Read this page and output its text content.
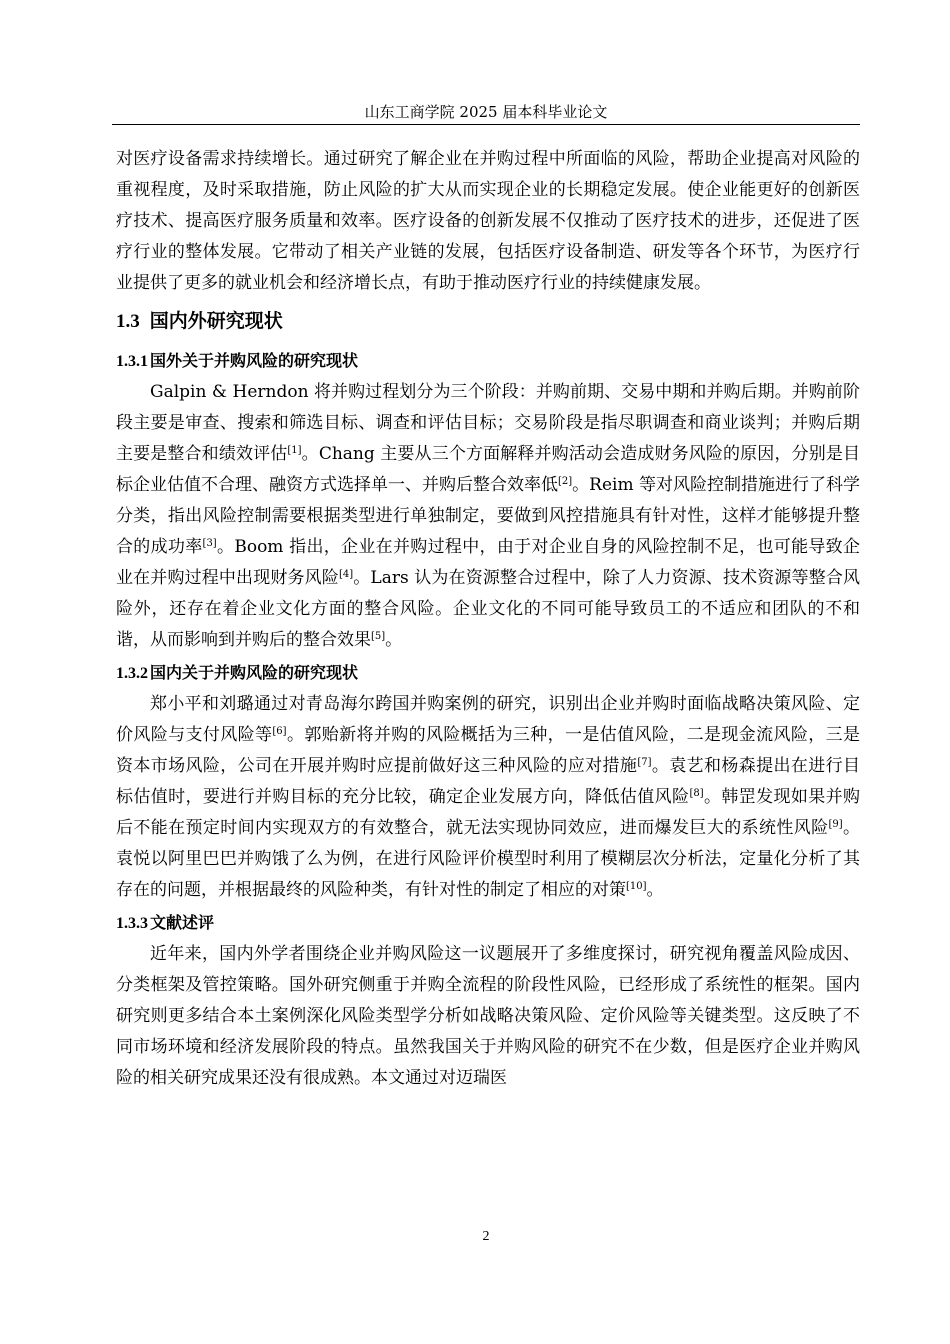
山东工商学院 2025 届本科毕业论文

对医疗设备需求持续增长。通过研究了解企业在并购过程中所面临的风险，帮助企业提高对风险的重视程度，及时采取措施，防止风险的扩大从而实现企业的长期稳定发展。使企业能更好的创新医疗技术、提高医疗服务质量和效率。医疗设备的创新发展不仅推动了医疗技术的进步，还促进了医疗行业的整体发展。它带动了相关产业链的发展，包括医疗设备制造、研发等各个环节，为医疗行业提供了更多的就业机会和经济增长点，有助于推动医疗行业的持续健康发展。

1.3 国内外研究现状
1.3.1 国外关于并购风险的研究现状

Galpin & Herndon 将并购过程划分为三个阶段：并购前期、交易中期和并购后期。并购前阶段主要是审查、搜索和筛选目标、调查和评估目标；交易阶段是指尽职调查和商业谈判；并购后期主要是整合和绩效评估[1]。Chang 主要从三个方面解释并购活动会造成财务风险的原因，分别是目标企业估值不合理、融资方式选择单一、并购后整合效率低[2]。Reim 等对风险控制措施进行了科学分类，指出风险控制需要根据类型进行单独制定，要做到风控措施具有针对性，这样才能够提升整合的成功率[3]。Boom 指出，企业在并购过程中，由于对企业自身的风险控制不足，也可能导致企业在并购过程中出现财务风险[4]。Lars 认为在资源整合过程中，除了人力资源、技术资源等整合风险外，还存在着企业文化方面的整合风险。企业文化的不同可能导致员工的不适应和团队的不和谐，从而影响到并购后的整合效果[5]。

1.3.2 国内关于并购风险的研究现状

郑小平和刘璐通过对青岛海尔跨国并购案例的研究，识别出企业并购时面临战略决策风险、定价风险与支付风险等[6]。郭贻新将并购的风险概括为三种，一是估值风险，二是现金流风险，三是资本市场风险，公司在开展并购时应提前做好这三种风险的应对措施[7]。袁艺和杨森提出在进行目标估值时，要进行并购目标的充分比较，确定企业发展方向，降低估值风险[8]。韩罡发现如果并购后不能在预定时间内实现双方的有效整合，就无法实现协同效应，进而爆发巨大的系统性风险[9]。袁悦以阿里巴巴并购饿了么为例，在进行风险评价模型时利用了模糊层次分析法，定量化分析了其存在的问题，并根据最终的风险种类，有针对性的制定了相应的对策[10]。

1.3.3 文献述评

近年来，国内外学者围绕企业并购风险这一议题展开了多维度探讨，研究视角覆盖风险成因、分类框架及管控策略。国外研究侧重于并购全流程的阶段性风险，已经形成了系统性的框架。国内研究则更多结合本土案例深化风险类型学分析如战略决策风险、定价风险等关键类型。这反映了不同市场环境和经济发展阶段的特点。虽然我国关于并购风险的研究不在少数，但是医疗企业并购风险的相关研究成果还没有很成熟。本文通过对迈瑞医

2
